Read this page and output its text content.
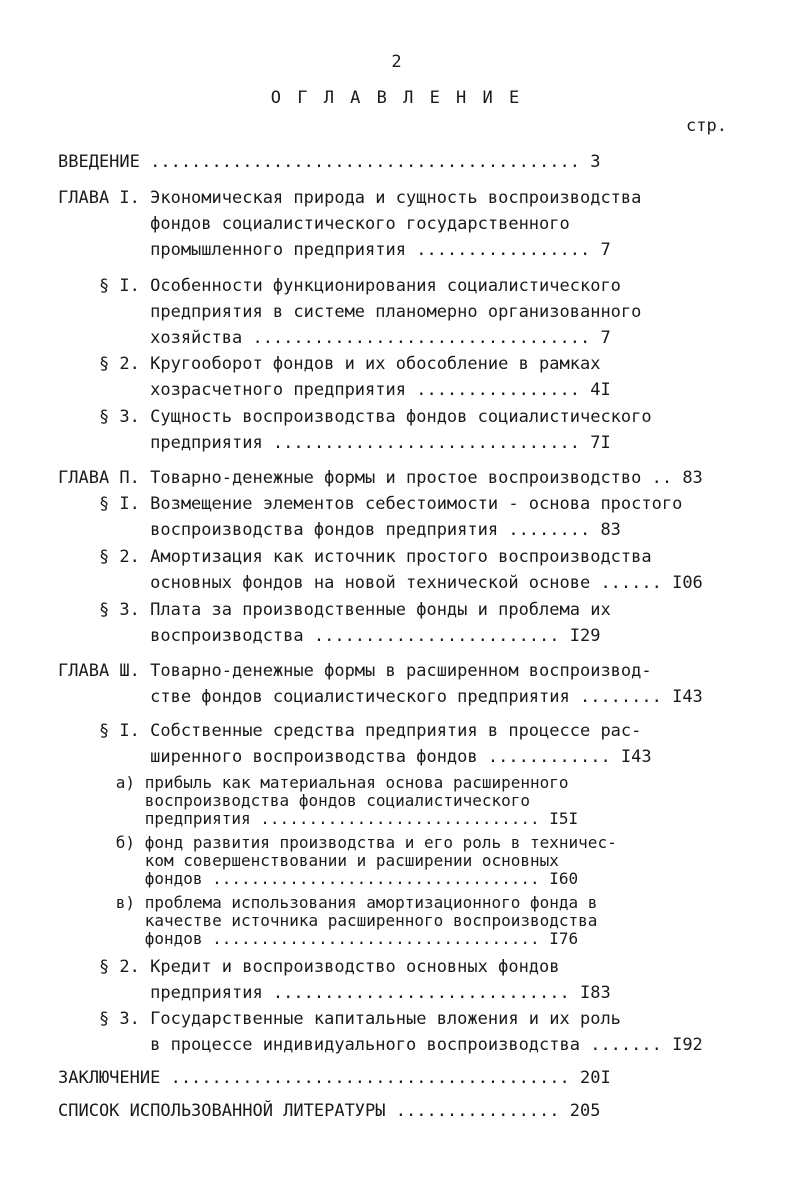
2
О Г Л А В Л Е Н И Е
стр.
ВВЕДЕНИЕ .......................................... 3
ГЛАВА I. Экономическая природа и сущность воспроизводства
фондов социалистического государственного
промышленного предприятия ................. 7
§ I. Особенности функционирования социалистического
предприятия в системе планомерно организованного
хозяйства ................................. 7
§ 2. Кругооборот фондов и их обособление в рамках
хозрасчетного предприятия ................ 4I
§ 3. Сущность воспроизводства фондов социалистического
предприятия .............................. 7I
ГЛАВА П. Товарно-денежные формы и простое воспроизводство .. 83
§ I. Возмещение элементов себестоимости - основа простого
воспроизводства фондов предприятия ........ 83
§ 2. Амортизация как источник простого воспроизводства
основных фондов на новой технической основе ...... I06
§ 3. Плата за производственные фонды и проблема их
воспроизводства ........................ I29
ГЛАВА Ш. Товарно-денежные формы в расширенном воспроизвод-
стве фондов социалистического предприятия ........ I43
§ I. Собственные средства предприятия в процессе рас-
ширенного воспроизводства фондов ............ I43
а) прибыль как материальная основа расширенного
воспроизводства фондов социалистического
предприятия ............................. I5I
б) фонд развития производства и его роль в техничес-
ком совершенствовании и расширении основных
фондов .................................. I60
в) проблема использования амортизационного фонда в
качестве источника расширенного воспроизводства
фондов .................................. I76
§ 2. Кредит и воспроизводство основных фондов
предприятия ............................. I83
§ 3. Государственные капитальные вложения и их роль
в процессе индивидуального воспроизводства ....... I92
ЗАКЛЮЧЕНИЕ ....................................... 20I
СПИСОК ИСПОЛЬЗОВАННОЙ ЛИТЕРАТУРЫ ................ 205
